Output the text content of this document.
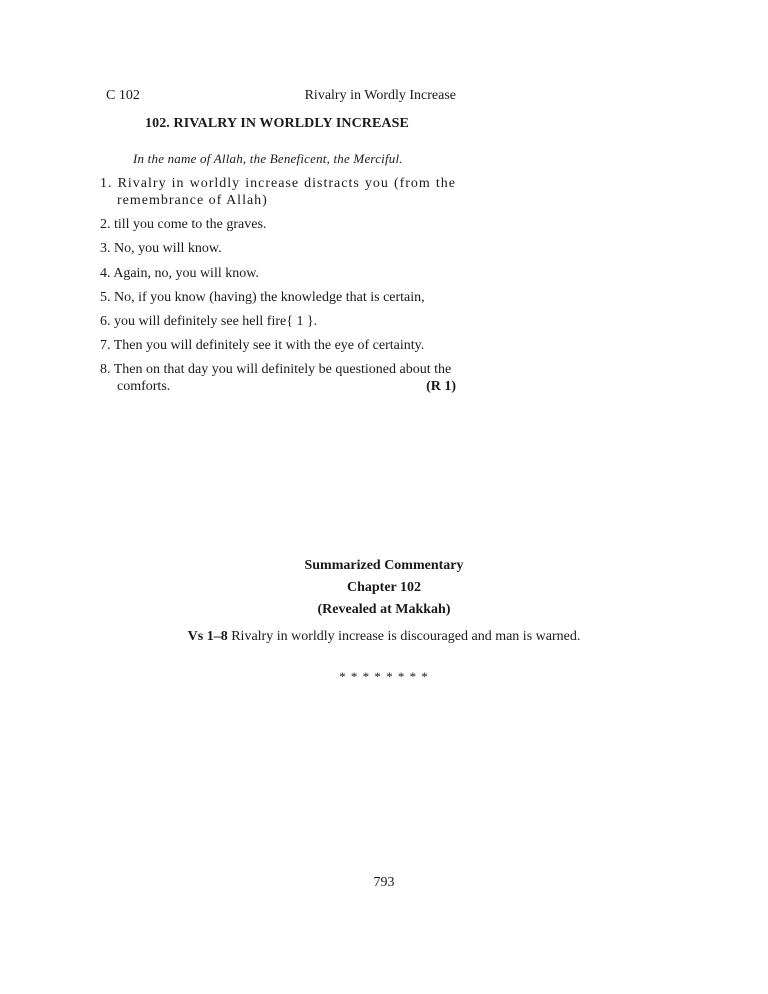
C 102	Rivalry in Wordly Increase
102. RIVALRY IN WORLDLY INCREASE
In the name of Allah, the Beneficent, the Merciful.

1. Rivalry in worldly increase distracts you (from the remembrance of Allah)

2. till you come to the graves.

3. No, you will know.

4. Again, no, you will know.

5. No, if you know (having) the knowledge that is certain,

6. you will definitely see hell fire{ 1 }.

7. Then you will definitely see it with the eye of certainty.

8. Then on that day you will definitely be questioned about the comforts.	(R 1)

Summarized Commentary
Chapter 102
(Revealed at Makkah)
Vs 1–8 Rivalry in worldly increase is discouraged and man is warned.
* * * * * * * *
793
